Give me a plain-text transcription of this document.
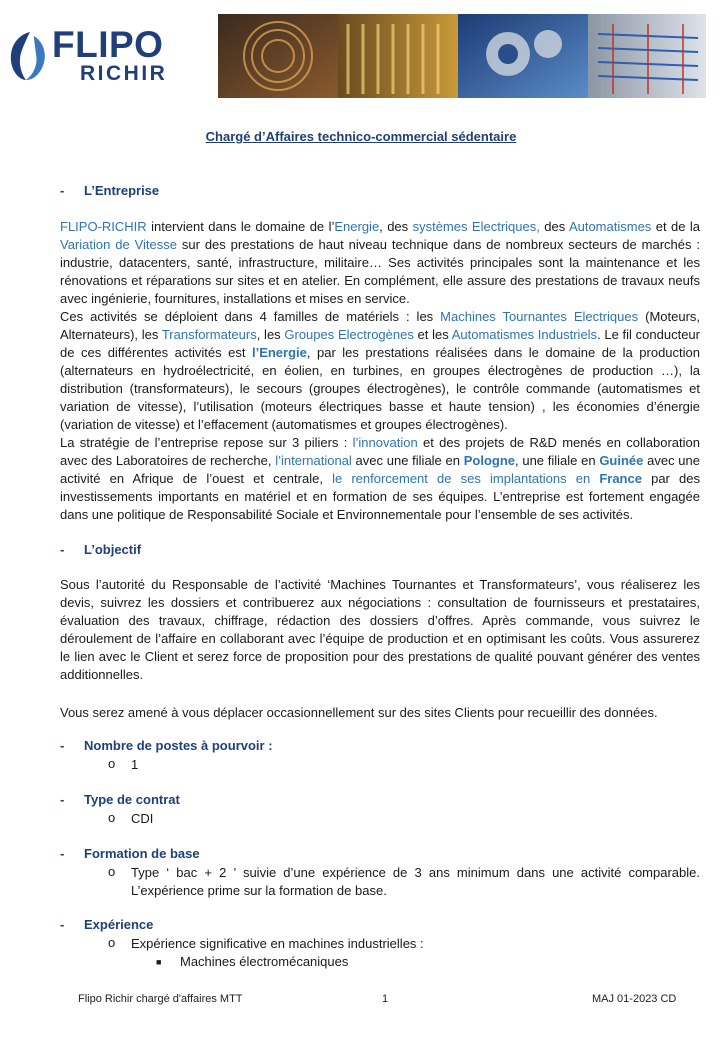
FLIPO
RICHIR
Chargé d’Affaires technico-commercial sédentaire
- L’Entreprise
FLIPO-RICHIR intervient dans le domaine de l’Energie, des systèmes Electriques, des Automatismes et de la Variation de Vitesse sur des prestations de haut niveau technique dans de nombreux secteurs de marchés : industrie, datacenters, santé, infrastructure, militaire… Ses activités principales sont la maintenance et les rénovations et réparations sur sites et en atelier. En complément, elle assure des prestations de travaux neufs avec ingénierie, fournitures, installations et mises en service.
Ces activités se déploient dans 4 familles de matériels : les Machines Tournantes Electriques (Moteurs, Alternateurs), les Transformateurs, les Groupes Electrogènes et les Automatismes Industriels. Le fil conducteur de ces différentes activités est l’Energie, par les prestations réalisées dans le domaine de la production (alternateurs en hydroélectricité, en éolien, en turbines, en groupes électrogènes de production …), la distribution (transformateurs), le secours (groupes électrogènes), le contrôle commande (automatismes et variation de vitesse), l’utilisation (moteurs électriques basse et haute tension) , les économies d’énergie (variation de vitesse) et l’effacement (automatismes et groupes électrogènes).
La stratégie de l’entreprise repose sur 3 piliers : l’innovation et des projets de R&D menés en collaboration avec des Laboratoires de recherche, l’international avec une filiale en Pologne, une filiale en Guinée avec une activité en Afrique de l’ouest et centrale, le renforcement de ses implantations en France par des investissements importants en matériel et en formation de ses équipes. L’entreprise est fortement engagée dans une politique de Responsabilité Sociale et Environnementale pour l’ensemble de ses activités.
- L’objectif
Sous l’autorité du Responsable de l’activité ‘Machines Tournantes et Transformateurs’, vous réaliserez les devis, suivrez les dossiers et contribuerez aux négociations : consultation de fournisseurs et prestataires, évaluation des travaux, chiffrage, rédaction des dossiers d’offres. Après commande, vous suivrez le déroulement de l’affaire en collaborant avec l’équipe de production et en optimisant les coûts. Vous assurerez le lien avec le Client et serez force de proposition pour des prestations de qualité pouvant générer des ventes additionnelles.
Vous serez amené à vous déplacer occasionnellement sur des sites Clients pour recueillir des données.
- Nombre de postes à pourvoir :
o 1
- Type de contrat
o CDI
- Formation de base
o Type ‘ bac + 2 ’ suivie d’une expérience de 3 ans minimum dans une activité comparable. L’expérience prime sur la formation de base.
- Expérience
o Expérience significative en machines industrielles :
■ Machines électromécaniques
Flipo Richir chargé d'affaires MTT	1	MAJ 01-2023 CD
